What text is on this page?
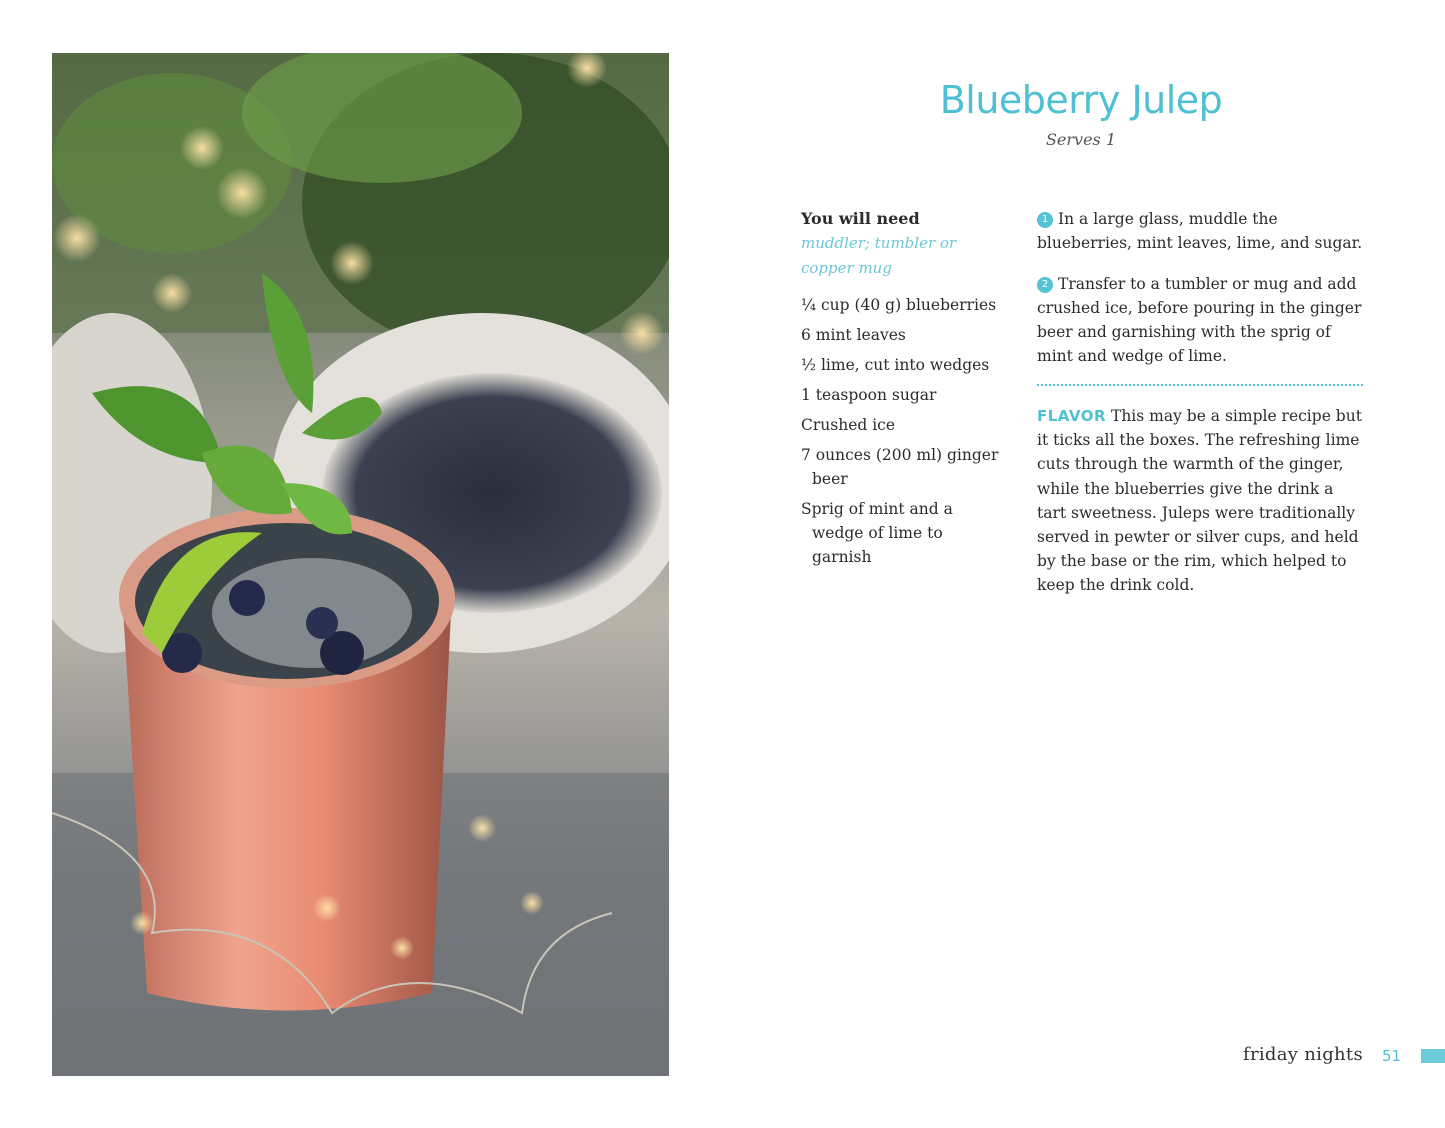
Blueberry Julep
Serves 1
You will need
muddler; tumbler or copper mug
¼ cup (40 g) blueberries
6 mint leaves
½ lime, cut into wedges
1 teaspoon sugar
Crushed ice
7 ounces (200 ml) ginger beer
Sprig of mint and a wedge of lime to garnish
1 In a large glass, muddle the blueberries, mint leaves, lime, and sugar.
2 Transfer to a tumbler or mug and add crushed ice, before pouring in the ginger beer and garnishing with the sprig of mint and wedge of lime.
FLAVOR This may be a simple recipe but it ticks all the boxes. The refreshing lime cuts through the warmth of the ginger, while the blueberries give the drink a tart sweetness. Juleps were traditionally served in pewter or silver cups, and held by the base or the rim, which helped to keep the drink cold.
friday nights 51
